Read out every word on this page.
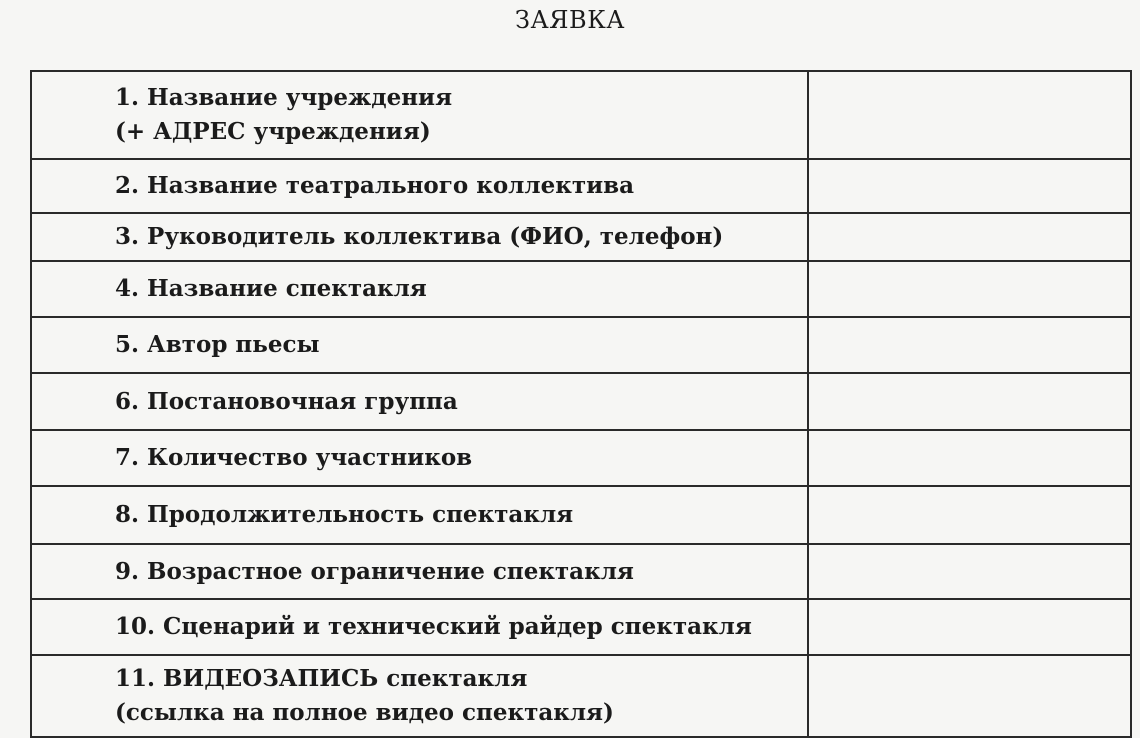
ЗАЯВКА
1. Название учреждения
(+ АДРЕС учреждения)	

2. Название театрального коллектива	

3. Руководитель коллектива (ФИО, телефон)	

4. Название спектакля	

5. Автор пьесы	

6. Постановочная группа	

7. Количество участников	

8. Продолжительность спектакля	

9. Возрастное ограничение спектакля	

10. Сценарий и технический райдер спектакля	

11. ВИДЕОЗАПИСЬ спектакля
(ссылка на полное видео спектакля)	
